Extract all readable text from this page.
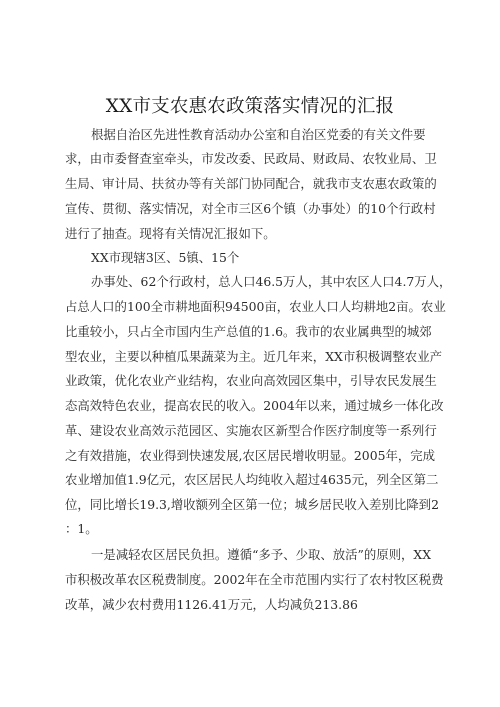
XX市支农惠农政策落实情况的汇报
根据自治区先进性教育活动办公室和自治区党委的有关文件要
求，由市委督查室牵头，市发改委、民政局、财政局、农牧业局、卫
生局、审计局、扶贫办等有关部门协同配合，就我市支农惠农政策的
宣传、贯彻、落实情况，对全市三区6个镇（办事处）的10个行政村
进行了抽查。现将有关情况汇报如下。
XX市现辖3区、5镇、15个
办事处、62个行政村，总人口46.5万人，其中农区人口4.7万人，
占总人口的100全市耕地面积94500亩，农业人口人均耕地2亩。农业
比重较小，只占全市国内生产总值的1.6。我市的农业属典型的城郊
型农业，主要以种植瓜果蔬菜为主。近几年来，XX市积极调整农业产
业政策，优化农业产业结构，农业向高效园区集中，引导农民发展生
态高效特色农业，提高农民的收入。2004年以来，通过城乡一体化改
革、建设农业高效示范园区、实施农区新型合作医疗制度等一系列行
之有效措施，农业得到快速发展,农区居民增收明显。2005年，完成
农业增加值1.9亿元，农区居民人均纯收入超过4635元，列全区第二
位，同比增长19.3,增收额列全区第一位；城乡居民收入差别比降到2
：1。
一是减轻农区居民负担。遵循“多予、少取、放活”的原则，XX
市积极改革农区税费制度。2002年在全市范围内实行了农村牧区税费
改革，减少农村费用1126.41万元，人均减负213.86
